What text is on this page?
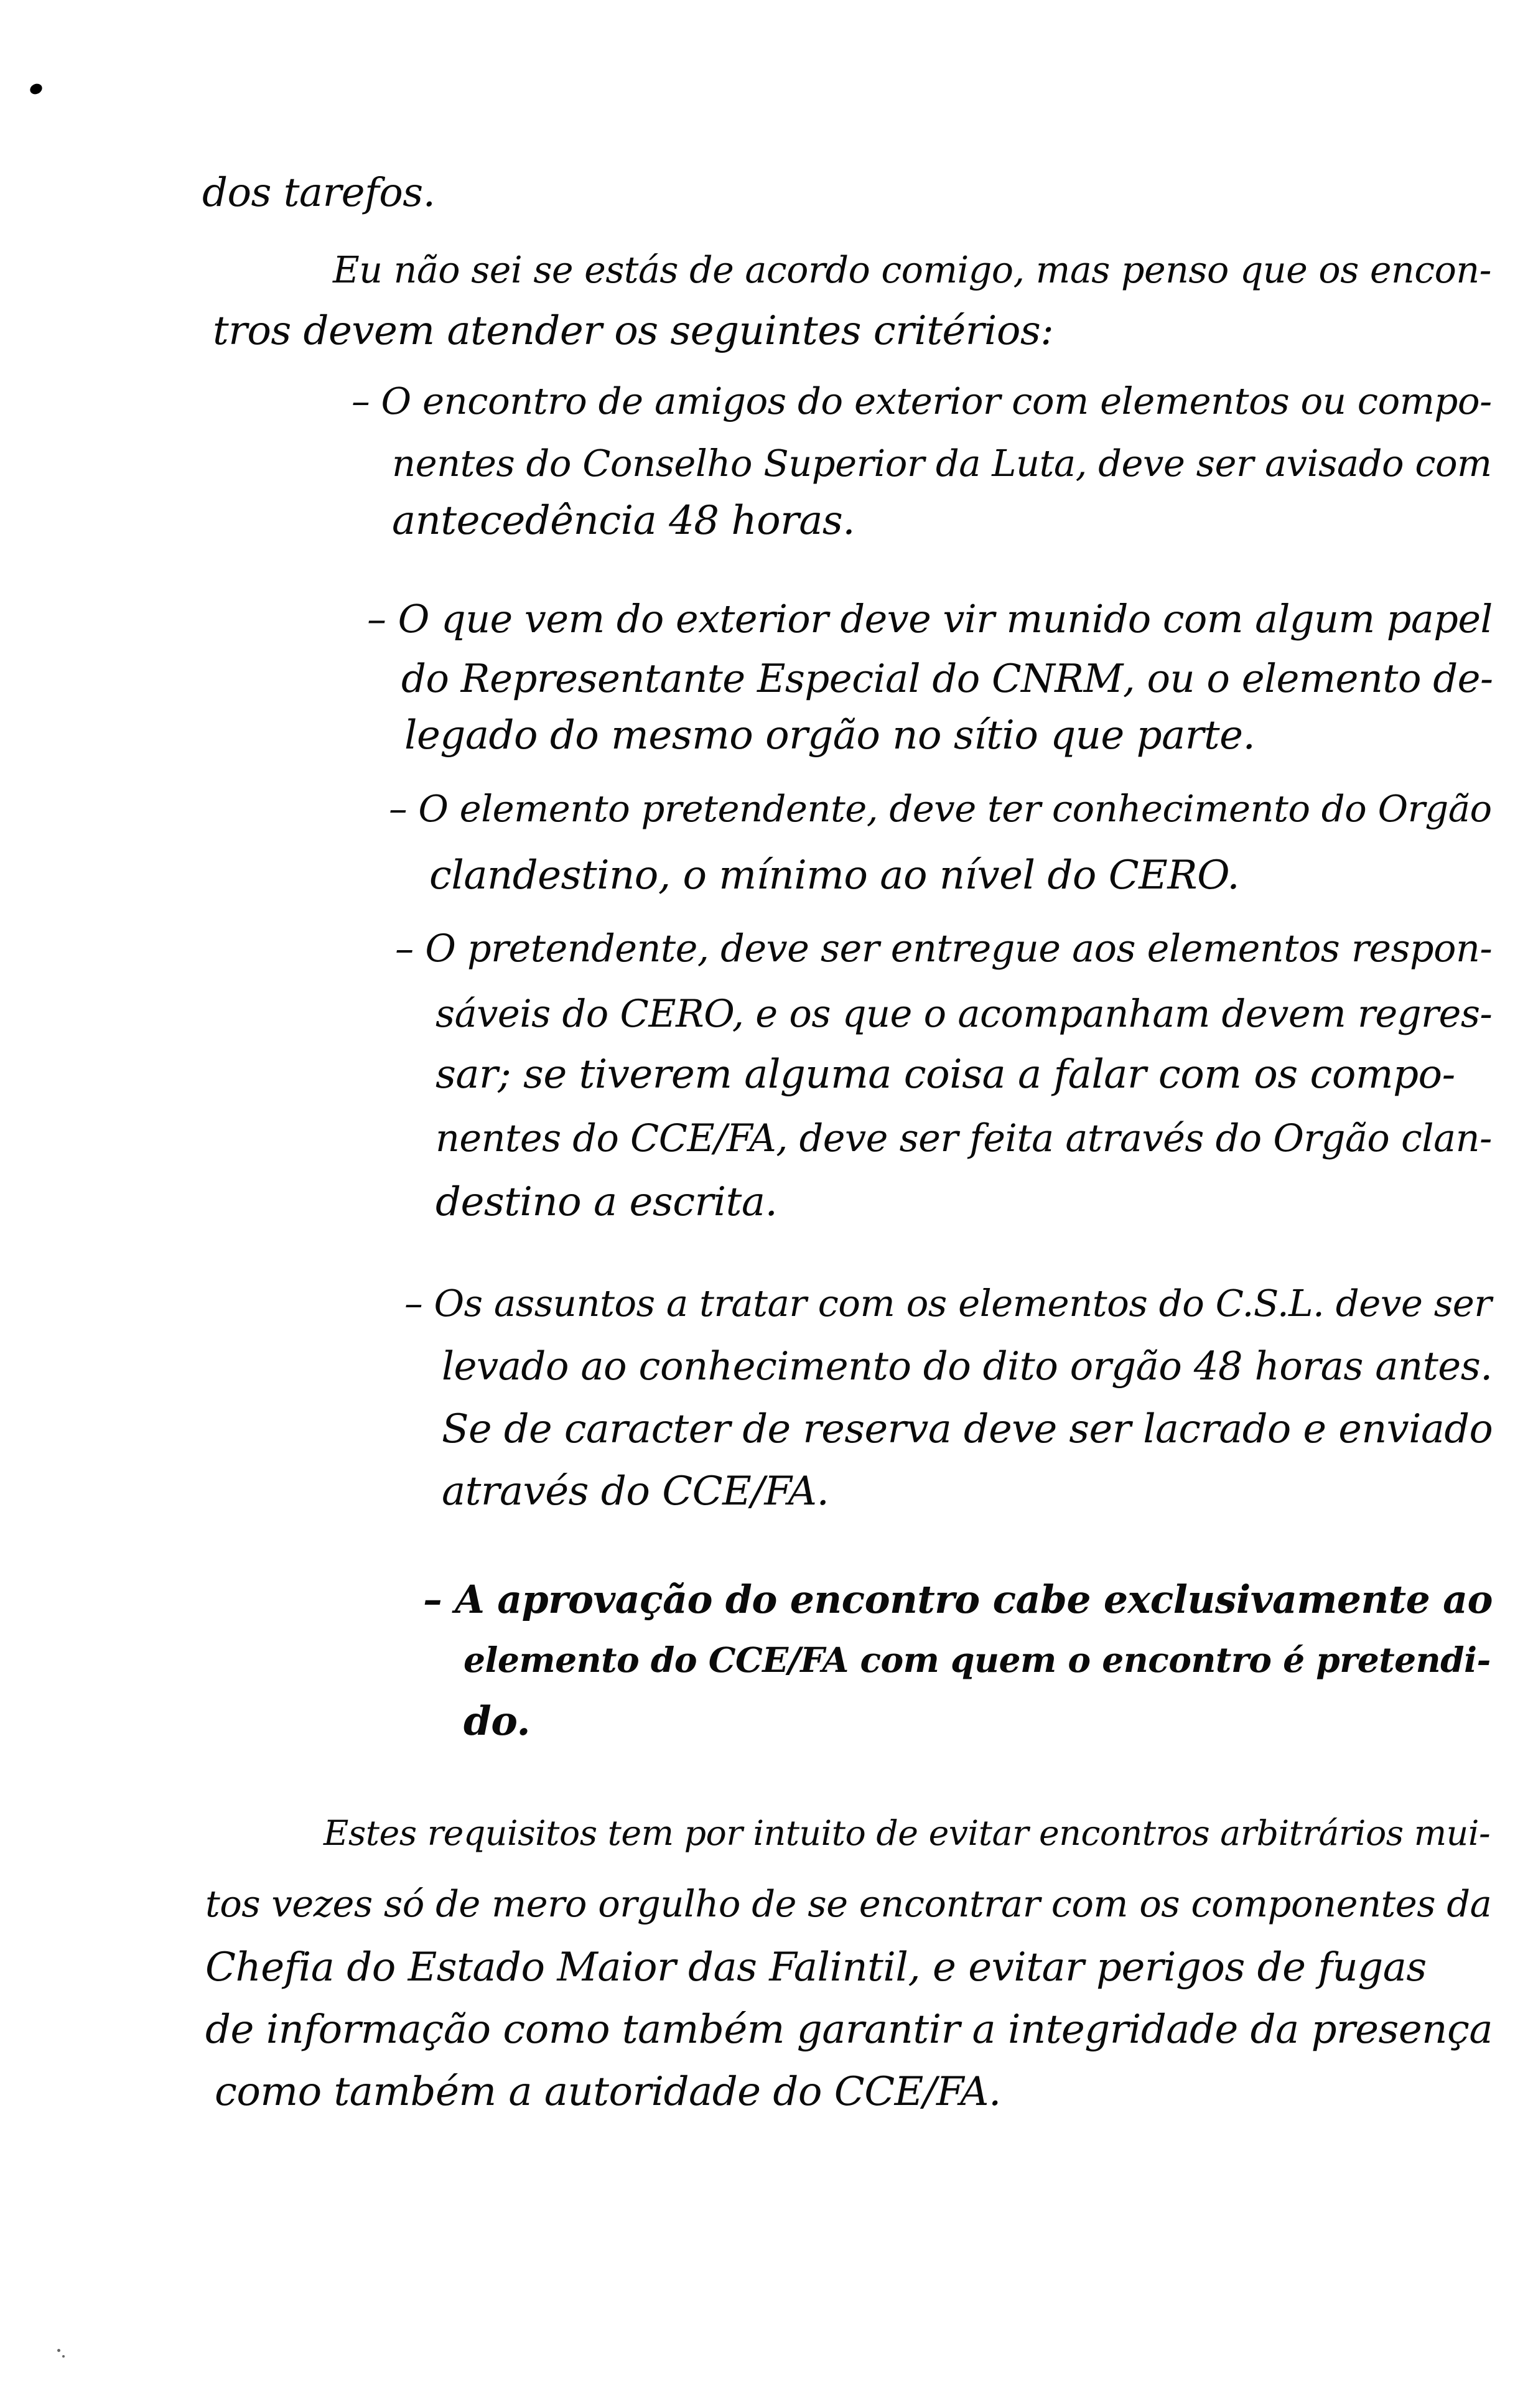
dos tarefos.

Eu não sei se estás de acordo comigo, mas penso que os encon-

tros devem atender os seguintes critérios:

– O encontro de amigos do exterior com elementos ou compo-

nentes do Conselho Superior da Luta, deve ser avisado com

antecedência 48 horas.

– O que vem do exterior deve vir munido com algum papel

do Representante Especial do CNRM, ou o elemento de-

legado do mesmo orgão no sítio que parte.

– O elemento pretendente, deve ter conhecimento do Orgão

clandestino, o mínimo ao nível do CERO.

– O pretendente, deve ser entregue aos elementos respon-

sáveis do CERO, e os que o acompanham devem regres-

sar; se tiverem alguma coisa a falar com os compo-

nentes do CCE/FA, deve ser feita através do Orgão clan-

destino a escrita.

– Os assuntos a tratar com os elementos do C.S.L. deve ser

levado ao conhecimento do dito orgão 48 horas antes.

Se de caracter de reserva deve ser lacrado e enviado

através do CCE/FA.

– A aprovação do encontro cabe exclusivamente ao

elemento do CCE/FA com quem o encontro é pretendi-

do.

Estes requisitos tem por intuito de evitar encontros arbitrários mui-

tos vezes só de mero orgulho de se encontrar com os componentes da

Chefia do Estado Maior das Falintil, e evitar perigos de fugas

de informação como também garantir a integridade da presença

como também a autoridade do CCE/FA.
